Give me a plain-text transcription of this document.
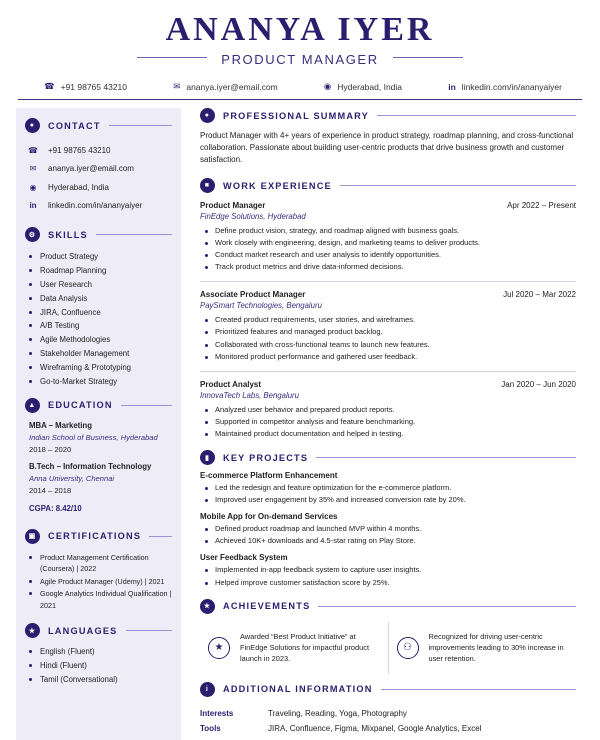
ANANYA IYER
PRODUCT MANAGER
☎ +91 98765 43210	✉ ananya.iyer@email.com	◉ Hyderabad, India	in linkedin.com/in/ananyaiyer
●	CONTACT
☎ +91 98765 43210
✉ ananya.iyer@email.com
◉ Hyderabad, India
in linkedin.com/in/ananyaiyer
⚙	SKILLS
Product Strategy
Roadmap Planning
User Research
Data Analysis
JIRA, Confluence
A/B Testing
Agile Methodologies
Stakeholder Management
Wireframing & Prototyping
Go-to-Market Strategy
▲	EDUCATION
MBA – Marketing
Indian School of Business, Hyderabad
2018 – 2020
B.Tech – Information Technology
Anna University, Chennai
2014 – 2018
CGPA: 8.42/10
▣	CERTIFICATIONS
Product Management Certification (Coursera) | 2022
Agile Product Manager (Udemy) | 2021
Google Analytics Individual Qualification | 2021
★	LANGUAGES
English (Fluent)
Hindi (Fluent)
Tamil (Conversational)
●	PROFESSIONAL SUMMARY
Product Manager with 4+ years of experience in product strategy, roadmap planning, and cross-functional collaboration. Passionate about building user-centric products that drive business growth and customer satisfaction.
■	WORK EXPERIENCE
Product Manager	Apr 2022 – Present
FinEdge Solutions, Hyderabad
Define product vision, strategy, and roadmap aligned with business goals.
Work closely with engineering, design, and marketing teams to deliver products.
Conduct market research and user analysis to identify opportunities.
Track product metrics and drive data-informed decisions.
Associate Product Manager	Jul 2020 – Mar 2022
PaySmart Technologies, Bengaluru
Created product requirements, user stories, and wireframes.
Prioritized features and managed product backlog.
Collaborated with cross-functional teams to launch new features.
Monitored product performance and gathered user feedback.
Product Analyst	Jan 2020 – Jun 2020
InnovaTech Labs, Bengaluru
Analyzed user behavior and prepared product reports.
Supported in competitor analysis and feature benchmarking.
Maintained product documentation and helped in testing.
▮	KEY PROJECTS
E-commerce Platform Enhancement
Led the redesign and feature optimization for the e-commerce platform.
Improved user engagement by 35% and increased conversion rate by 20%.
Mobile App for On-demand Services
Defined product roadmap and launched MVP within 4 months.
Achieved 10K+ downloads and 4.5-star rating on Play Store.
User Feedback System
Implemented in-app feedback system to capture user insights.
Helped improve customer satisfaction score by 25%.
★	ACHIEVEMENTS
★
Awarded “Best Product Initiative” at FinEdge Solutions for impactful product launch in 2023.
⚇
Recognized for driving user-centric improvements leading to 30% increase in user retention.
i	ADDITIONAL INFORMATION
Interests	Traveling, Reading, Yoga, Photography
Tools	JIRA, Confluence, Figma, Mixpanel, Google Analytics, Excel
